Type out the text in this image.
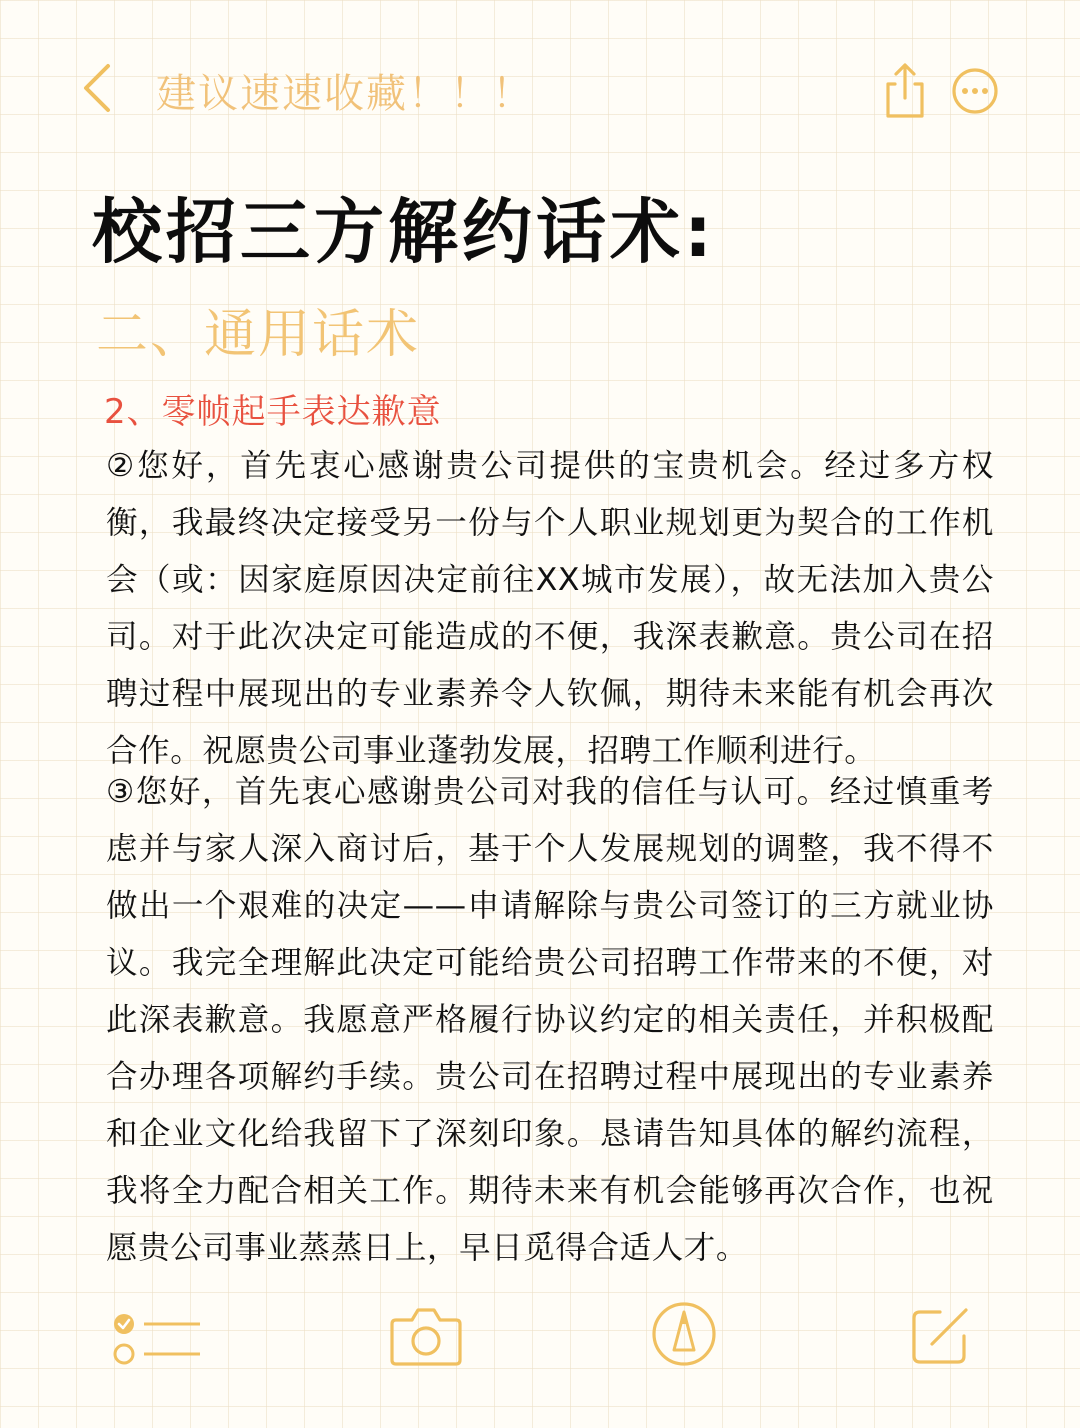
建议速速收藏！！！
校招三方解约话术:
二、通用话术
2、零帧起手表达歉意
②您好，首先衷心感谢贵公司提供的宝贵机会。经过多方权衡，我最终决定接受另一份与个人职业规划更为契合的工作机会（或：因家庭原因决定前往XX城市发展），故无法加入贵公司。对于此次决定可能造成的不便，我深表歉意。贵公司在招聘过程中展现出的专业素养令人钦佩，期待未来能有机会再次合作。祝愿贵公司事业蓬勃发展，招聘工作顺利进行。
③您好，首先衷心感谢贵公司对我的信任与认可。经过慎重考虑并与家人深入商讨后，基于个人发展规划的调整，我不得不做出一个艰难的决定——申请解除与贵公司签订的三方就业协议。我完全理解此决定可能给贵公司招聘工作带来的不便，对此深表歉意。我愿意严格履行协议约定的相关责任，并积极配合办理各项解约手续。贵公司在招聘过程中展现出的专业素养和企业文化给我留下了深刻印象。恳请告知具体的解约流程，我将全力配合相关工作。期待未来有机会能够再次合作，也祝愿贵公司事业蒸蒸日上，早日觅得合适人才。
